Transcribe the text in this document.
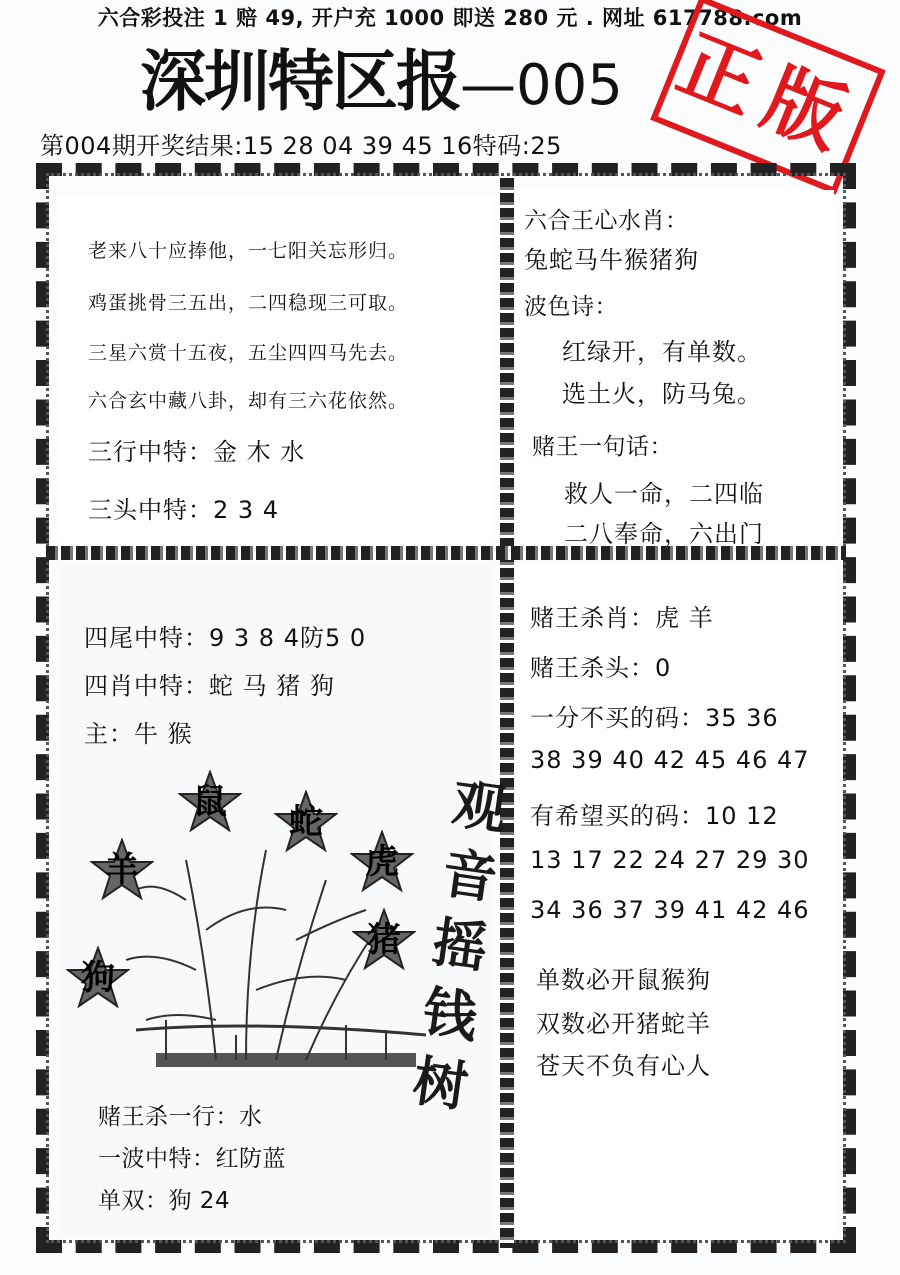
六合彩投注 1 赔 49, 开户充 1000 即送 280 元 . 网址 617788.com
深圳特区报—005 正版
第004期开奖结果:15 28 04 39 45 16特码:25
老来八十应捧他，一七阳关忘形归。
鸡蛋挑骨三五出，二四稳现三可取。
三星六赏十五夜，五尘四四马先去。
六合玄中藏八卦，却有三六花依然。
三行中特：金 木 水
三头中特：2 3 4
六合王心水肖：
兔蛇马牛猴猪狗
波色诗：
红绿开，有单数。
选土火，防马兔。
赌王一句话：
救人一命，二四临
二八奉命，六出门
四尾中特：9 3 8 4防5 0
四肖中特：蛇 马 猪 狗
主：牛 猴
鼠	蛇
羊	虎
猪
狗
观
音
摇
钱
树
赌王杀一行：水
一波中特：红防蓝
单双：狗 24
赌王杀肖：虎 羊
赌王杀头：0
一分不买的码：35 36
38 39 40 42 45 46 47
有希望买的码：10 12
13 17 22 24 27 29 30
34 36 37 39 41 42 46
单数必开鼠猴狗
双数必开猪蛇羊
苍天不负有心人
